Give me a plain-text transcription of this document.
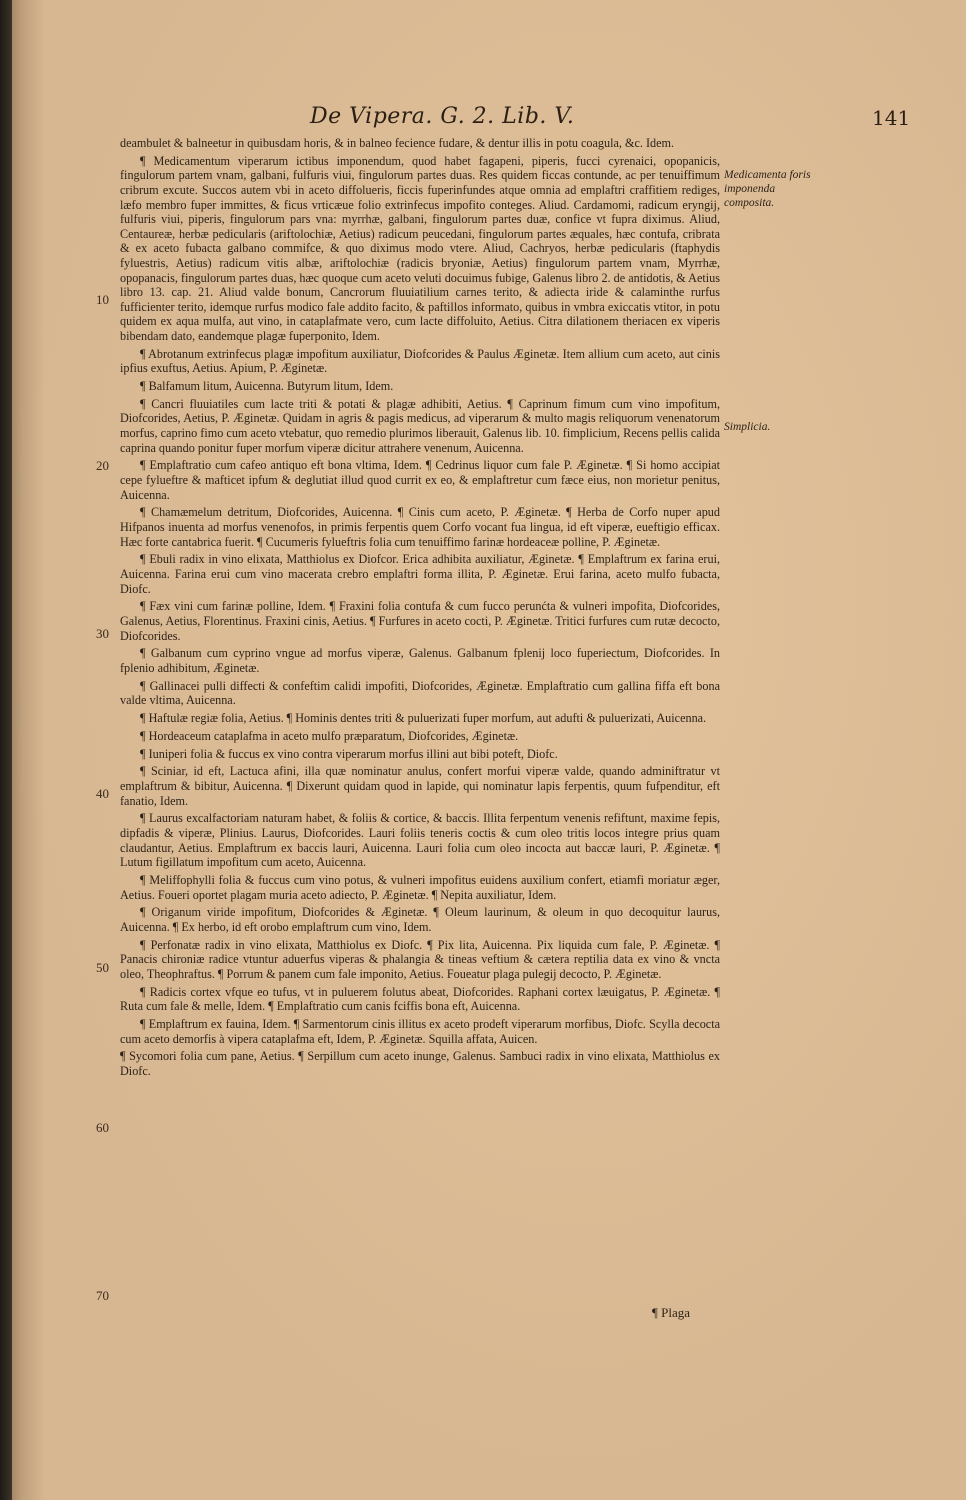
De Vipera. G. 2. Lib. V.	141

deambulet & balneetur in quibusdam horis, & in balneo fecience fudare, & dentur illis in potu coagula, &c. Idem.

¶ Medicamentum viperarum ictibus imponendum, quod habet fagapeni, piperis, fucci cyrenaici, opopanicis, fingulorum partem vnam, galbani, fulfuris viui, fingulorum partes duas. Res quidem ficcas contunde, ac per tenuiffimum cribrum excute. Succos autem vbi in aceto diffolueris, ficcis fuperinfundes atque omnia ad emplaftri craffitiem rediges, læfo membro fuper immittes, & ficus vrticæue folio extrinfecus impofito conteges. Aliud. Cardamomi, radicum eryngij, fulfuris viui, piperis, fingulorum pars vna: myrrhæ, galbani, fingulorum partes duæ, confice vt fupra diximus. Aliud, Centaureæ, herbæ pedicularis (ariftolochiæ, Aetius) radicum peucedani, fingulorum partes æquales, hæc contufa, cribrata & ex aceto fubacta galbano commifce, & quo diximus modo vtere. Aliud, Cachryos, herbæ pedicularis (ftaphydis fyluestris, Aetius) radicum vitis albæ, ariftolochiæ (radicis bryoniæ, Aetius) fingulorum partem vnam, Myrrhæ, opopanacis, fingulorum partes duas, hæc quoque cum aceto veluti docuimus fubige, Galenus libro 2. de antidotis, & Aetius libro 13. cap. 21. Aliud valde bonum, Cancrorum fluuiatilium carnes terito, & adiecta iride & calaminthe rurfus fufficienter terito, idemque rurfus modico fale addito facito, & paftillos informato, quibus in vmbra exiccatis vtitor, in potu quidem ex aqua mulfa, aut vino, in cataplafmate vero, cum lacte diffoluito, Aetius. Citra dilationem theriacen ex viperis bibendam dato, eandemque plagæ fuperponito, Idem.

¶ Abrotanum extrinfecus plagæ impofitum auxiliatur, Diofcorides & Paulus Æginetæ. Item allium cum aceto, aut cinis ipfius exuftus, Aetius. Apium, P. Æginetæ.

¶ Balfamum litum, Auicenna. Butyrum litum, Idem.

¶ Cancri fluuiatiles cum lacte triti & potati & plagæ adhibiti, Aetius. ¶ Caprinum fimum cum vino impofitum, Diofcorides, Aetius, P. Æginetæ. Quidam in agris & pagis medicus, ad viperarum & multo magis reliquorum venenatorum morfus, caprino fimo cum aceto vtebatur, quo remedio plurimos liberauit, Galenus lib. 10. fimplicium, Recens pellis calida caprina quando ponitur fuper morfum viperæ dicitur attrahere venenum, Auicenna.

¶ Emplaftratio cum cafeo antiquo eft bona vltima, Idem. ¶ Cedrinus liquor cum fale P. Æginetæ. ¶ Si homo accipiat cepe fylueftre & mafticet ipfum & deglutiat illud quod currit ex eo, & emplaftretur cum fæce eius, non morietur penitus, Auicenna.

¶ Chamæmelum detritum, Diofcorides, Auicenna. ¶ Cinis cum aceto, P. Æginetæ. ¶ Herba de Corfo nuper apud Hifpanos inuenta ad morfus venenofos, in primis ferpentis quem Corfo vocant fua lingua, id eft viperæ, eueftigio efficax. Hæc forte cantabrica fuerit. ¶ Cucumeris fylueftris folia cum tenuiffimo farinæ hordeaceæ polline, P. Æginetæ.

¶ Ebuli radix in vino elixata, Matthiolus ex Diofcor. Erica adhibita auxiliatur, Æginetæ. ¶ Emplaftrum ex farina erui, Auicenna. Farina erui cum vino macerata crebro emplaftri forma illita, P. Æginetæ. Erui farina, aceto mulfo fubacta, Diofc.

¶ Fæx vini cum farinæ polline, Idem. ¶ Fraxini folia contufa & cum fucco perunćta & vulneri impofita, Diofcorides, Galenus, Aetius, Florentinus. Fraxini cinis, Aetius. ¶ Furfures in aceto cocti, P. Æginetæ. Tritici furfures cum rutæ decocto, Diofcorides.

¶ Galbanum cum cyprino vngue ad morfus viperæ, Galenus. Galbanum fplenij loco fuperiectum, Diofcorides. In fplenio adhibitum, Æginetæ.

¶ Gallinacei pulli diffecti & confeftim calidi impofiti, Diofcorides, Æginetæ. Emplaftratio cum gallina fiffa eft bona valde vltima, Auicenna.

¶ Haftulæ regiæ folia, Aetius. ¶ Hominis dentes triti & puluerizati fuper morfum, aut adufti & puluerizati, Auicenna.

¶ Hordeaceum cataplafma in aceto mulfo præparatum, Diofcorides, Æginetæ.

¶ Iuniperi folia & fuccus ex vino contra viperarum morfus illini aut bibi poteft, Diofc.

¶ Sciniar, id eft, Lactuca afini, illa quæ nominatur anulus, confert morfui viperæ valde, quando adminiftratur vt emplaftrum & bibitur, Auicenna. ¶ Dixerunt quidam quod in lapide, qui nominatur lapis ferpentis, quum fufpenditur, eft fanatio, Idem.

¶ Laurus excalfactoriam naturam habet, & foliis & cortice, & baccis. Illita ferpentum venenis refiftunt, maxime fepis, dipfadis & viperæ, Plinius. Laurus, Diofcorides. Lauri foliis teneris coctis & cum oleo tritis locos integre prius quam claudantur, Aetius. Emplaftrum ex baccis lauri, Auicenna. Lauri folia cum oleo incocta aut baccæ lauri, P. Æginetæ. ¶ Lutum figillatum impofitum cum aceto, Auicenna.

¶ Meliffophylli folia & fuccus cum vino potus, & vulneri impofitus euidens auxilium confert, etiamfi moriatur æger, Aetius. Foueri oportet plagam muria aceto adiecto, P. Æginetæ. ¶ Nepita auxiliatur, Idem.

¶ Origanum viride impofitum, Diofcorides & Æginetæ. ¶ Oleum laurinum, & oleum in quo decoquitur laurus, Auicenna. ¶ Ex herbo, id eft orobo emplaftrum cum vino, Idem.

¶ Perfonatæ radix in vino elixata, Matthiolus ex Diofc. ¶ Pix lita, Auicenna. Pix liquida cum fale, P. Æginetæ. ¶ Panacis chironiæ radice vtuntur aduerfus viperas & phalangia & tineas veftium & cætera reptilia data ex vino & vncta oleo, Theophraftus. ¶ Porrum & panem cum fale imponito, Aetius. Foueatur plaga pulegij decocto, P. Æginetæ.

¶ Radicis cortex vfque eo tufus, vt in puluerem folutus abeat, Diofcorides. Raphani cortex læuigatus, P. Æginetæ. ¶ Ruta cum fale & melle, Idem. ¶ Emplaftratio cum canis fciffis bona eft, Auicenna.

¶ Emplaftrum ex fauina, Idem. ¶ Sarmentorum cinis illitus ex aceto prodeft viperarum morfibus, Diofc. Scylla decocta cum aceto demorfis à vipera cataplafma eft, Idem, P. Æginetæ. Squilla affata, Auicen.

¶ Sycomori folia cum pane, Aetius. ¶ Serpillum cum aceto inunge, Galenus. Sambuci radix in vino elixata, Matthiolus ex Diofc.

Medicamenta foris imponenda composita.
Simplicia.
10
20
30
40
50
60
70
¶ Plaga
